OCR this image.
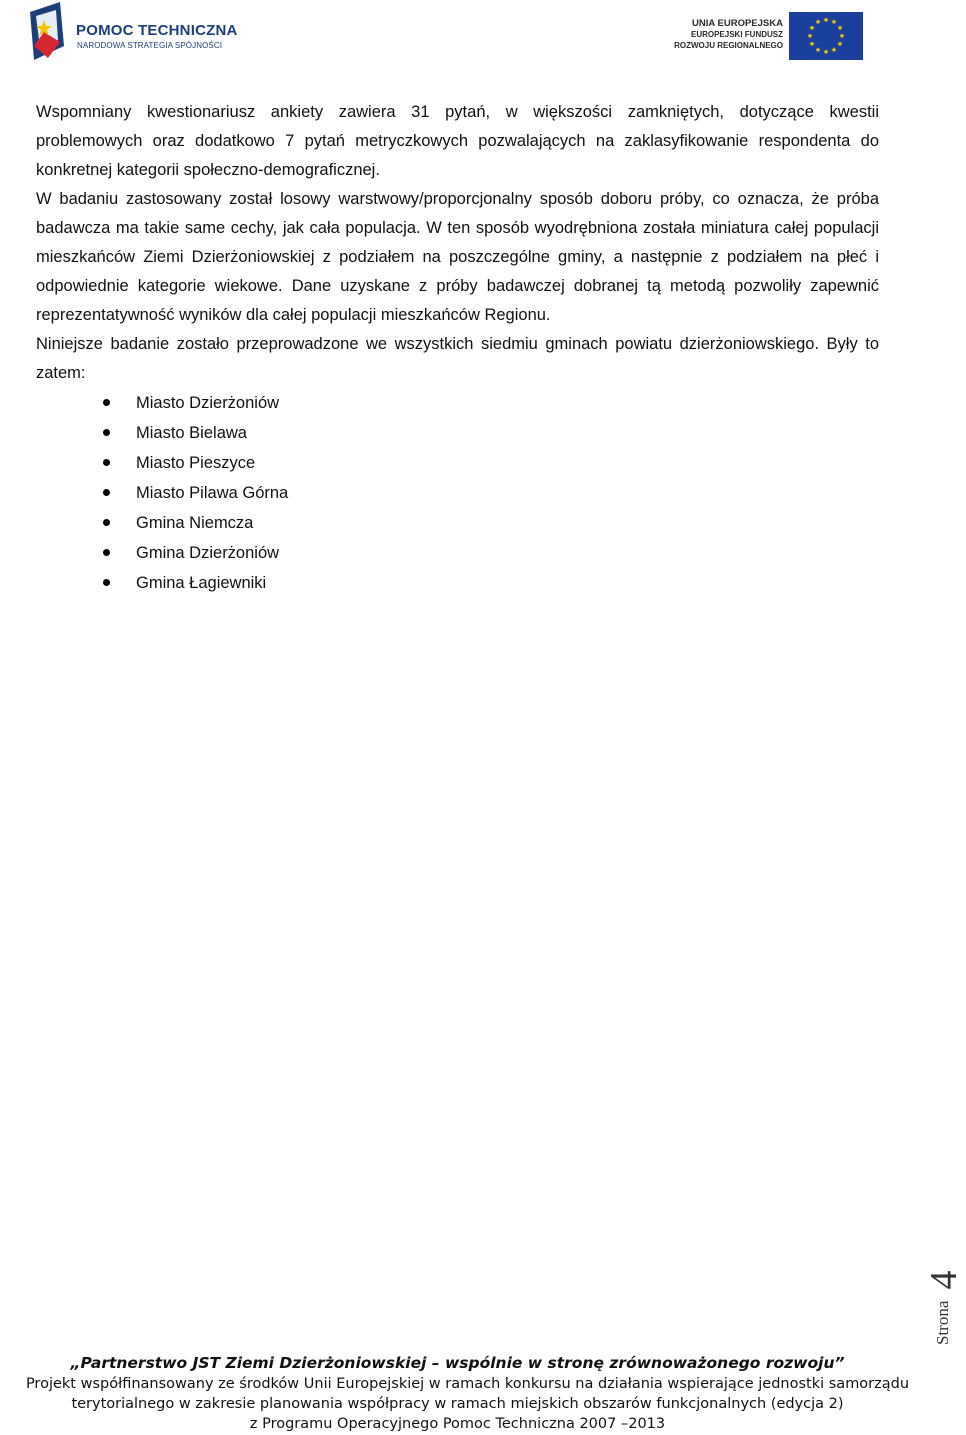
POMOC TECHNICZNA
NARODOWA STRATEGIA SPÓJNOŚCI
UNIA EUROPEJSKA
EUROPEJSKI FUNDUSZ
ROZWOJU REGIONALNEGO
★ ★
★
★
★
★
★
★
★
★
★
★

Wspomniany kwestionariusz ankiety zawiera 31 pytań, w większości zamkniętych, dotyczące kwestii problemowych oraz dodatkowo 7 pytań metryczkowych pozwalających na zaklasyfikowanie respondenta do konkretnej kategorii społeczno-demograficznej.

W badaniu zastosowany został losowy warstwowy/proporcjonalny sposób doboru próby, co oznacza, że próba badawcza ma takie same cechy, jak cała populacja. W ten sposób wyodrębniona została miniatura całej populacji mieszkańców Ziemi Dzierżoniowskiej z podziałem na poszczególne gminy, a następnie z podziałem na płeć i odpowiednie kategorie wiekowe. Dane uzyskane z próby badawczej dobranej tą metodą pozwoliły zapewnić reprezentatywność wyników dla całej populacji mieszkańców Regionu.

Niniejsze badanie zostało przeprowadzone we wszystkich siedmiu gminach powiatu dzierżoniowskiego. Były to zatem:

Miasto Dzierżoniów
Miasto Bielawa
Miasto Pieszyce
Miasto Pilawa Górna
Gmina Niemcza
Gmina Dzierżoniów
Gmina Łagiewniki
4
Strona
„Partnerstwo JST Ziemi Dzierżoniowskiej – wspólnie w stronę zrównoważonego rozwoju”
Projekt współfinansowany ze środków Unii Europejskiej w ramach konkursu na działania wspierające jednostki samorządu
terytorialnego w zakresie planowania współpracy w ramach miejskich obszarów funkcjonalnych (edycja 2)
z Programu Operacyjnego Pomoc Techniczna 2007 –2013
